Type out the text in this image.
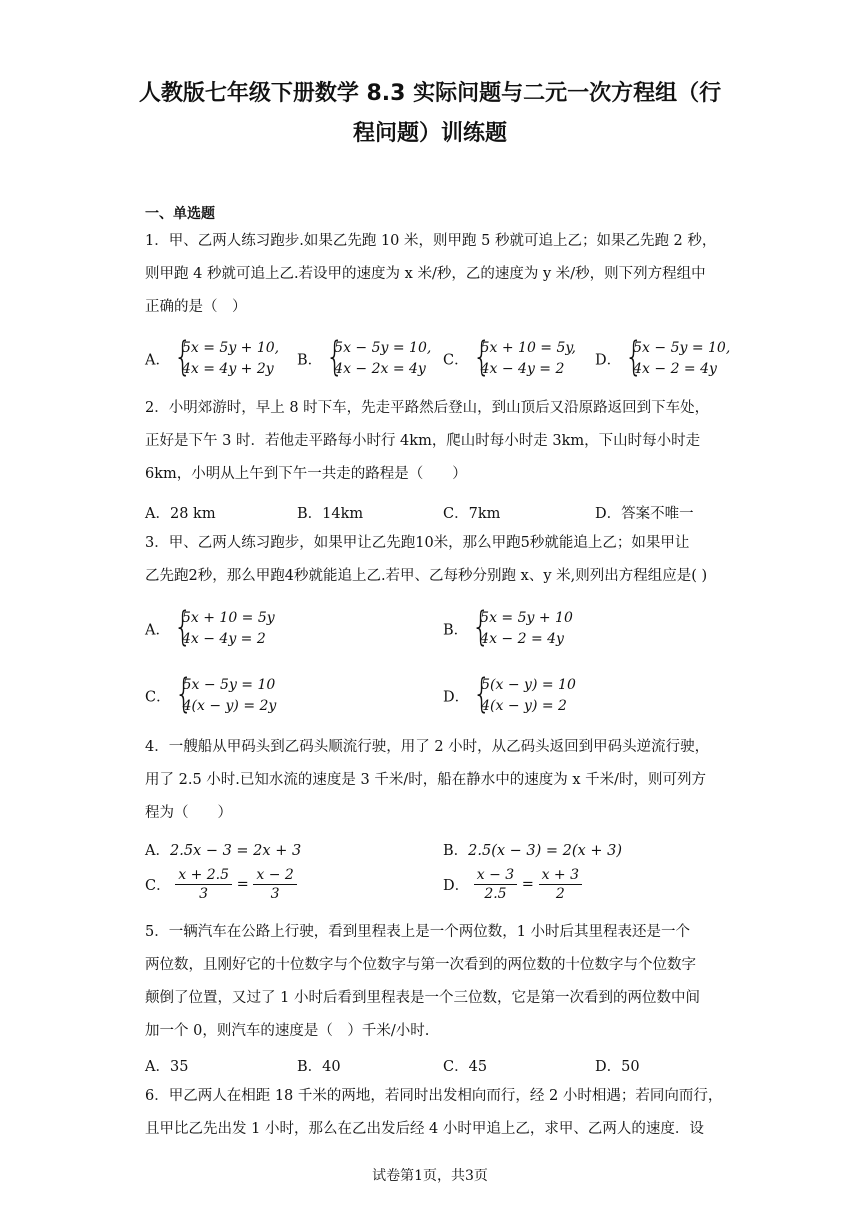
人教版七年级下册数学 8.3 实际问题与二元一次方程组（行
程问题）训练题
一、单选题
1．甲、乙两人练习跑步.如果乙先跑 10 米，则甲跑 5 秒就可追上乙；如果乙先跑 2 秒，
则甲跑 4 秒就可追上乙.若设甲的速度为 x 米/秒，乙的速度为 y 米/秒，则下列方程组中
正确的是（　）
A． {
5x = 5y + 10,
4x = 4y + 2y
B． {
5x − 5y = 10,
4x − 2x = 4y
C． {
5x + 10 = 5y,
4x − 4y = 2
D． {
5x − 5y = 10,
4x − 2 = 4y
2．小明郊游时，早上 8 时下车，先走平路然后登山，到山顶后又沿原路返回到下车处，
正好是下午 3 时．若他走平路每小时行 4km，爬山时每小时走 3km，下山时每小时走
6km，小明从上午到下午一共走的路程是（　　）
A．28 km	B．14km	C．7km	D．答案不唯一
3．甲、乙两人练习跑步，如果甲让乙先跑10米，那么甲跑5秒就能追上乙；如果甲让
乙先跑2秒，那么甲跑4秒就能追上乙.若甲、乙每秒分别跑 x、y 米,则列出方程组应是( )
A． {
5x + 10 = 5y
4x − 4y = 2
B． {
5x = 5y + 10
4x − 2 = 4y
C． {
5x − 5y = 10
4(x − y) = 2y
D． {
5(x − y) = 10
4(x − y) = 2
4．一艘船从甲码头到乙码头顺流行驶，用了 2 小时，从乙码头返回到甲码头逆流行驶，
用了 2.5 小时.已知水流的速度是 3 千米/时，船在静水中的速度为 x 千米/时，则可列方
程为（　　）
A．2.5x − 3 = 2x + 3	B．2.5(x − 3) = 2(x + 3)
C． $\frac{x + 2.5}{3} = \frac{x - 2}{3}$	D． $\frac{x - 3}{2.5} = \frac{x + 3}{2}$
5．一辆汽车在公路上行驶，看到里程表上是一个两位数，1 小时后其里程表还是一个
两位数，且刚好它的十位数字与个位数字与第一次看到的两位数的十位数字与个位数字
颠倒了位置，又过了 1 小时后看到里程表是一个三位数，它是第一次看到的两位数中间
加一个 0，则汽车的速度是（　）千米/小时.
A．35	B．40	C．45	D．50
6．甲乙两人在相距 18 千米的两地，若同时出发相向而行，经 2 小时相遇；若同向而行，
且甲比乙先出发 1 小时，那么在乙出发后经 4 小时甲追上乙，求甲、乙两人的速度．设
试卷第1页，共3页
